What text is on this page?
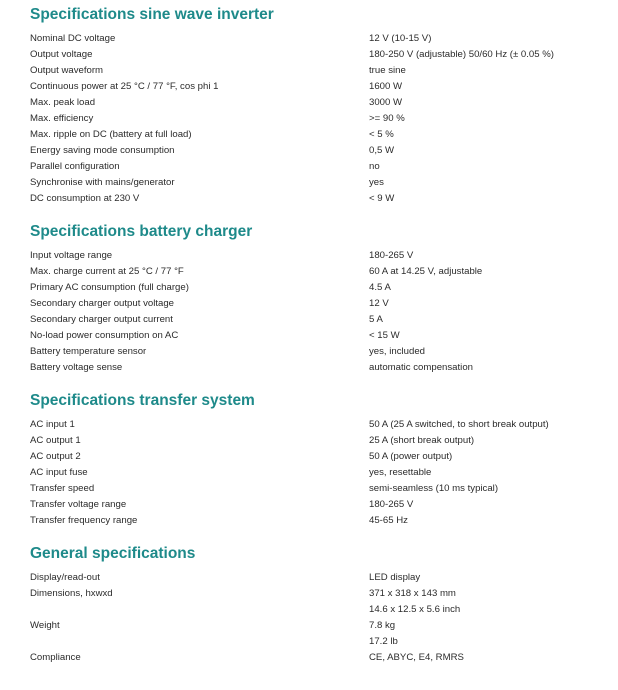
Specifications sine wave inverter
Nominal DC voltage	12 V (10-15 V)
Output voltage	180-250 V (adjustable) 50/60 Hz (± 0.05 %)
Output waveform	true sine
Continuous power at 25 °C / 77 °F, cos phi 1	1600 W
Max. peak load	3000 W
Max. efficiency	>= 90 %
Max. ripple on DC (battery at full load)	< 5 %
Energy saving mode consumption	0,5 W
Parallel configuration	no
Synchronise with mains/generator	yes
DC consumption at 230 V	< 9 W
Specifications battery charger
Input voltage range	180-265 V
Max. charge current at 25 °C / 77 °F	60 A at 14.25 V, adjustable
Primary AC consumption (full charge)	4.5 A
Secondary charger output voltage	12 V
Secondary charger output current	5 A
No-load power consumption on AC	< 15 W
Battery temperature sensor	yes, included
Battery voltage sense	automatic compensation
Specifications transfer system
AC input 1	50 A (25 A switched, to short break output)
AC output 1	25 A (short break output)
AC output 2	50 A (power output)
AC input fuse	yes, resettable
Transfer speed	semi-seamless (10 ms typical)
Transfer voltage range	180-265 V
Transfer frequency range	45-65 Hz
General specifications
Display/read-out	LED display
Dimensions, hxwxd	371 x 318 x 143 mm
14.6 x 12.5 x 5.6 inch
Weight	7.8 kg
17.2 lb
Compliance	CE, ABYC, E4, RMRS
